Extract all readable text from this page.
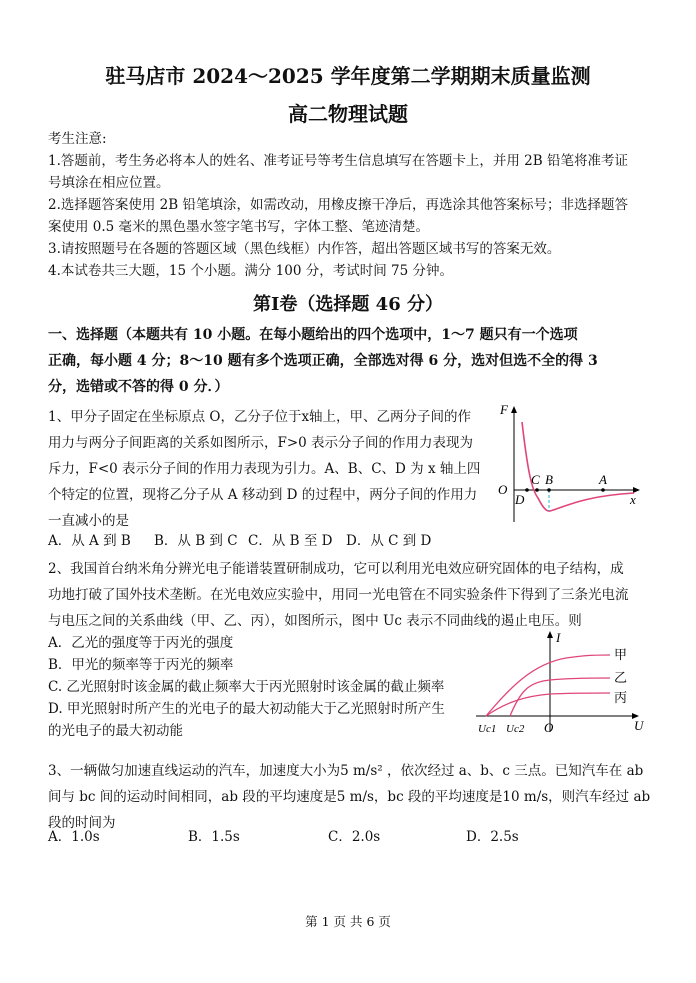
驻马店市 2024～2025 学年度第二学期期末质量监测
高二物理试题
考生注意:
1.答题前，考生务必将本人的姓名、准考证号等考生信息填写在答题卡上，并用 2B 铅笔将准考证
号填涂在相应位置。
2.选择题答案使用 2B 铅笔填涂，如需改动，用橡皮擦干净后，再选涂其他答案标号；非选择题答
案使用 0.5 毫米的黑色墨水签字笔书写，字体工整、笔迹清楚。
3.请按照题号在各题的答题区域（黑色线框）内作答，超出答题区域书写的答案无效。
4.本试卷共三大题，15 个小题。满分 100 分，考试时间 75 分钟。
第Ⅰ卷（选择题 46 分）
一、选择题（本题共有 10 小题。在每小题给出的四个选项中，1～7 题只有一个选项
正确，每小题 4 分；8～10 题有多个选项正确，全部选对得 6 分，选对但选不全的得 3
分，选错或不答的得 0 分．）
1、甲分子固定在坐标原点 O，乙分子位于x轴上，甲、乙两分子间的作
用力与两分子间距离的关系如图所示，F>0 表示分子间的作用力表现为
斥力，F<0 表示分子间的作用力表现为引力。A、B、C、D 为 x 轴上四
个特定的位置，现将乙分子从 A 移动到 D 的过程中，两分子间的作用力
一直减小的是
A．从 A 到 B B．从 B 到 C C．从 B 至 D D．从 C 到 D
F
O
x
C B	A
D
2、我国首台纳米角分辨光电子能谱装置研制成功，它可以利用光电效应研究固体的电子结构，成
功地打破了国外技术垄断。在光电效应实验中，用同一光电管在不同实验条件下得到了三条光电流
与电压之间的关系曲线（甲、乙、丙），如图所示，图中 Uc 表示不同曲线的遏止电压。则
A．乙光的强度等于丙光的强度
B．甲光的频率等于丙光的频率
C. 乙光照射时该金属的截止频率大于丙光照射时该金属的截止频率
D. 甲光照射时所产生的光电子的最大初动能大于乙光照射时所产生
的光电子的最大初动能
I
U
O
Uc1 Uc2
甲
乙
丙
3、一辆做匀加速直线运动的汽车，加速度大小为5 m/s² ，依次经过 a、b、c 三点。已知汽车在 ab
间与 bc 间的运动时间相同，ab 段的平均速度是5 m/s，bc 段的平均速度是10 m/s，则汽车经过 ab
段的时间为
A．1.0s	B．1.5s	C．2.0s	D．2.5s
第 1 页 共 6 页
